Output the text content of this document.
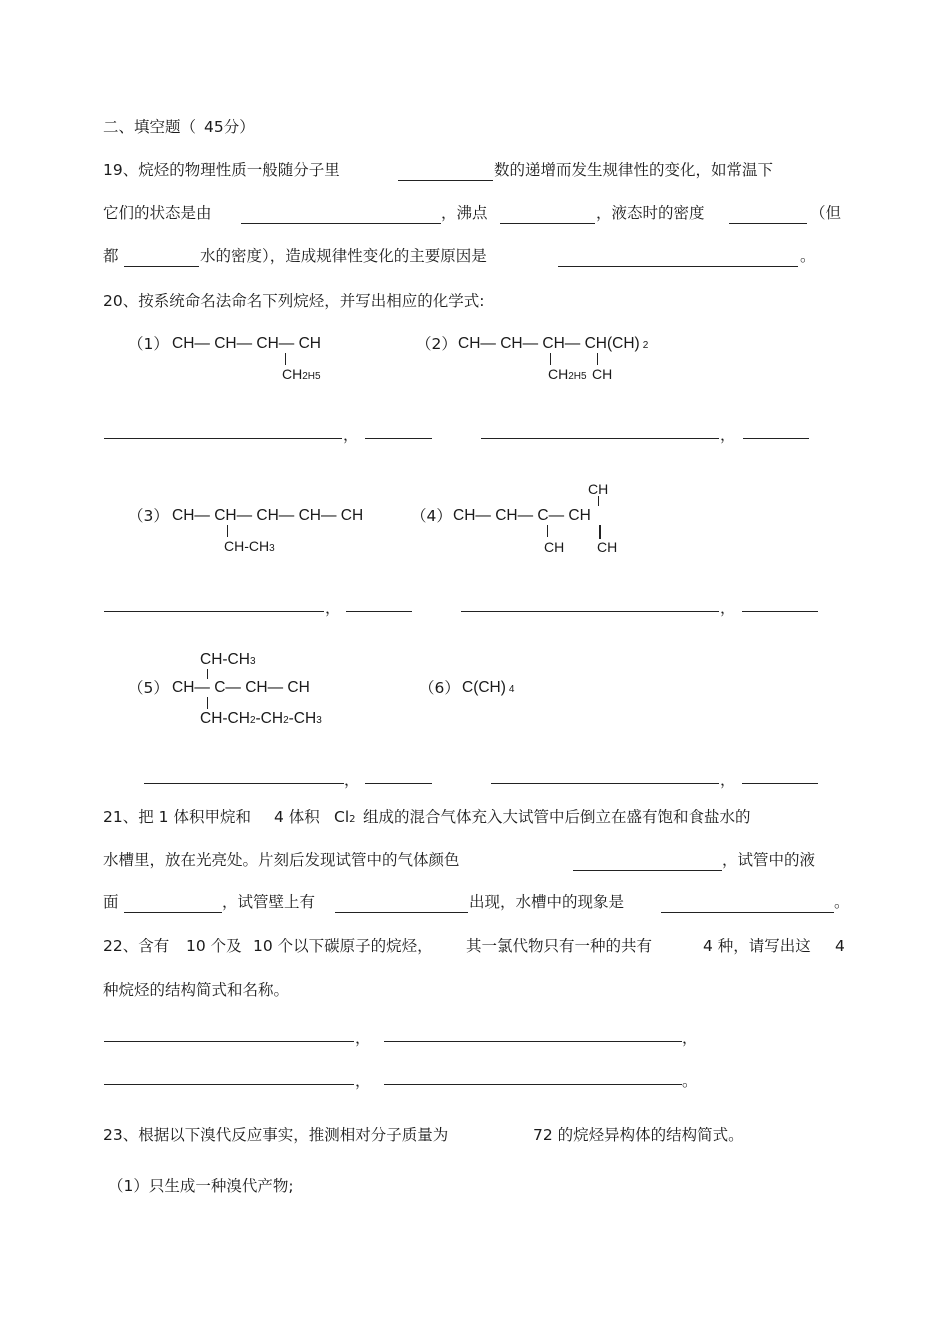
二、填空题（ 45分）
19、烷烃的物理性质一般随分子里	数的递增而发生规律性的变化，如常温下
它们的状态是由	，沸点	，液态时的密度	（但
都	水的密度），造成规律性变化的主要原因是	。
20、按系统命名法命名下列烷烃，并写出相应的化学式:
（1） CH— CH— CH— CH
CH2H5
（2） CH— CH— CH— CH(CH) 2
CH2H5 CH
，	，
（3） CH— CH— CH— CH— CH
CH-CH3
CH
（4） CH— CH— C— CH
CH CH
，	，
CH-CH3
（5） CH— C— CH— CH
CH-CH2-CH2-CH3
（6） C(CH) 4
，	，
21、把 1 体积甲烷和 4 体积 Cl2 组成的混合气体充入大试管中后倒立在盛有饱和食盐水的
水槽里，放在光亮处。片刻后发现试管中的气体颜色	，试管中的液
面	，试管壁上有	出现，水槽中的现象是	。
22、含有 10 个及 10 个以下碳原子的烷烃， 其一氯代物只有一种的共有	4 种，请写出这 4
种烷烃的结构简式和名称。
，	，
，	。
23、根据以下溴代反应事实，推测相对分子质量为	72 的烷烃异构体的结构简式。
（1）只生成一种溴代产物;
